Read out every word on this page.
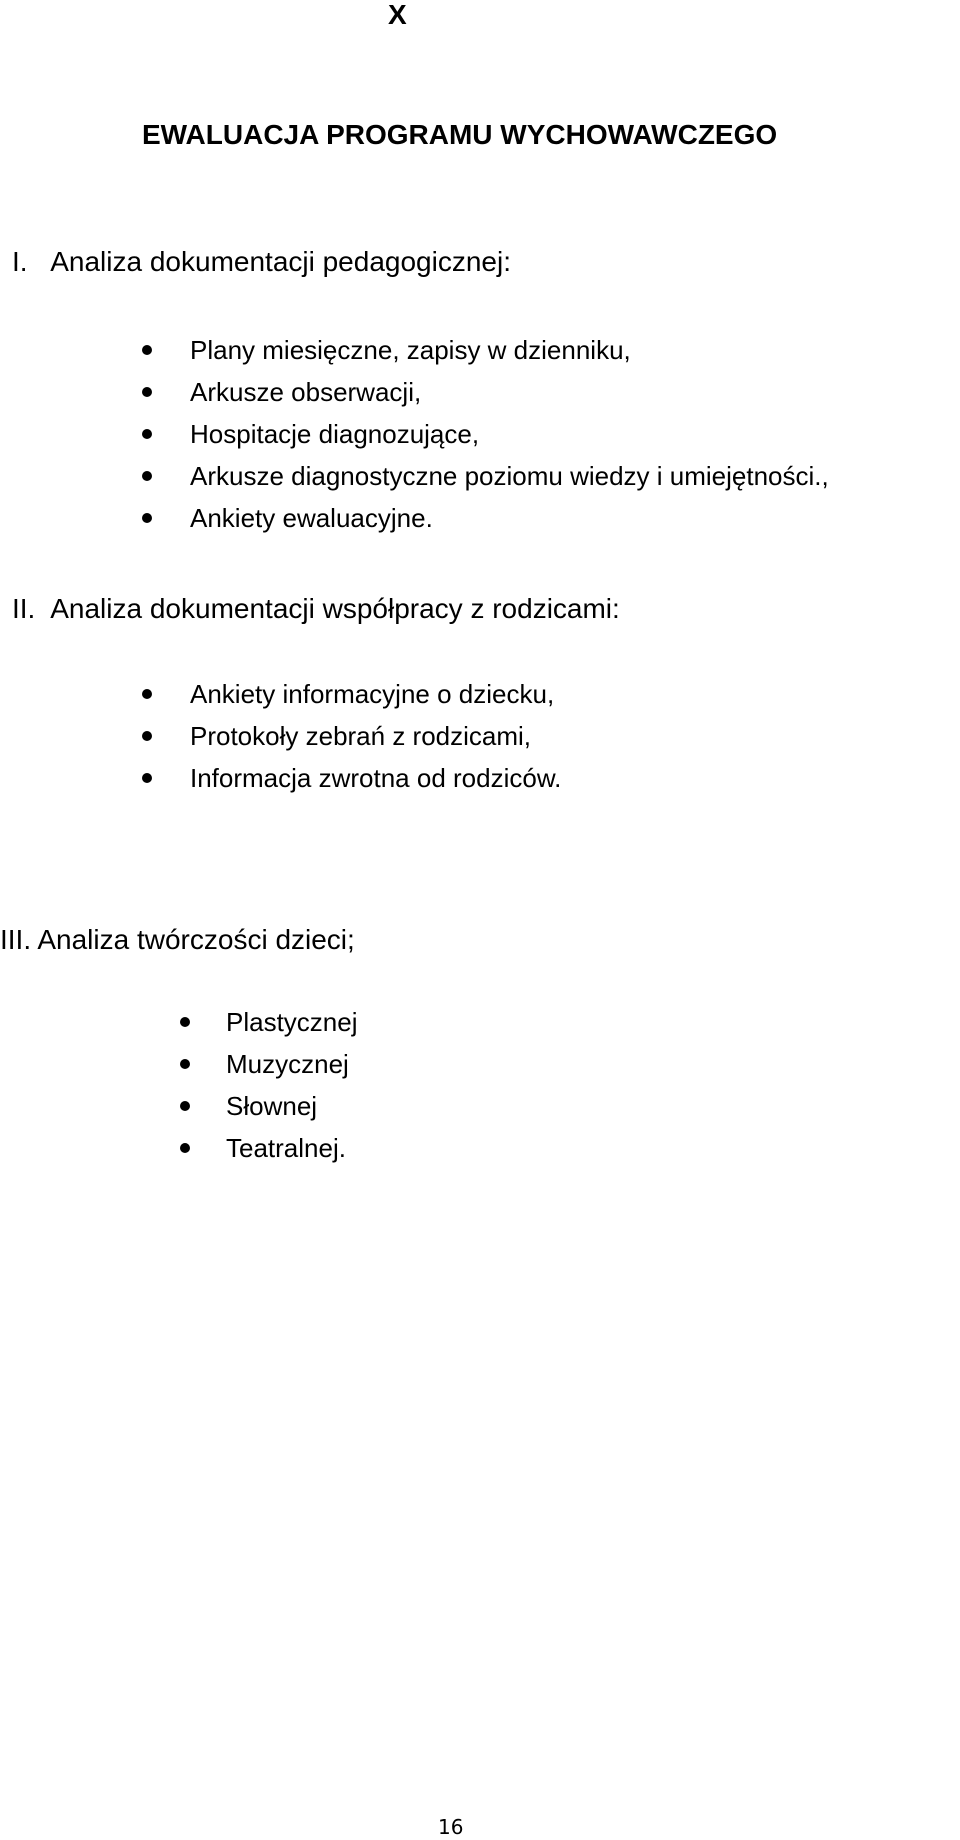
X
EWALUACJA PROGRAMU WYCHOWAWCZEGO
I. Analiza dokumentacji pedagogicznej:
Plany miesięczne, zapisy w dzienniku,
Arkusze obserwacji,
Hospitacje diagnozujące,
Arkusze diagnostyczne poziomu wiedzy i umiejętności.,
Ankiety ewaluacyjne.
II. Analiza dokumentacji współpracy z rodzicami:
Ankiety informacyjne o dziecku,
Protokoły zebrań z rodzicami,
Informacja zwrotna od rodziców.
III. Analiza twórczości dzieci;
Plastycznej
Muzycznej
Słownej
Teatralnej.
16
